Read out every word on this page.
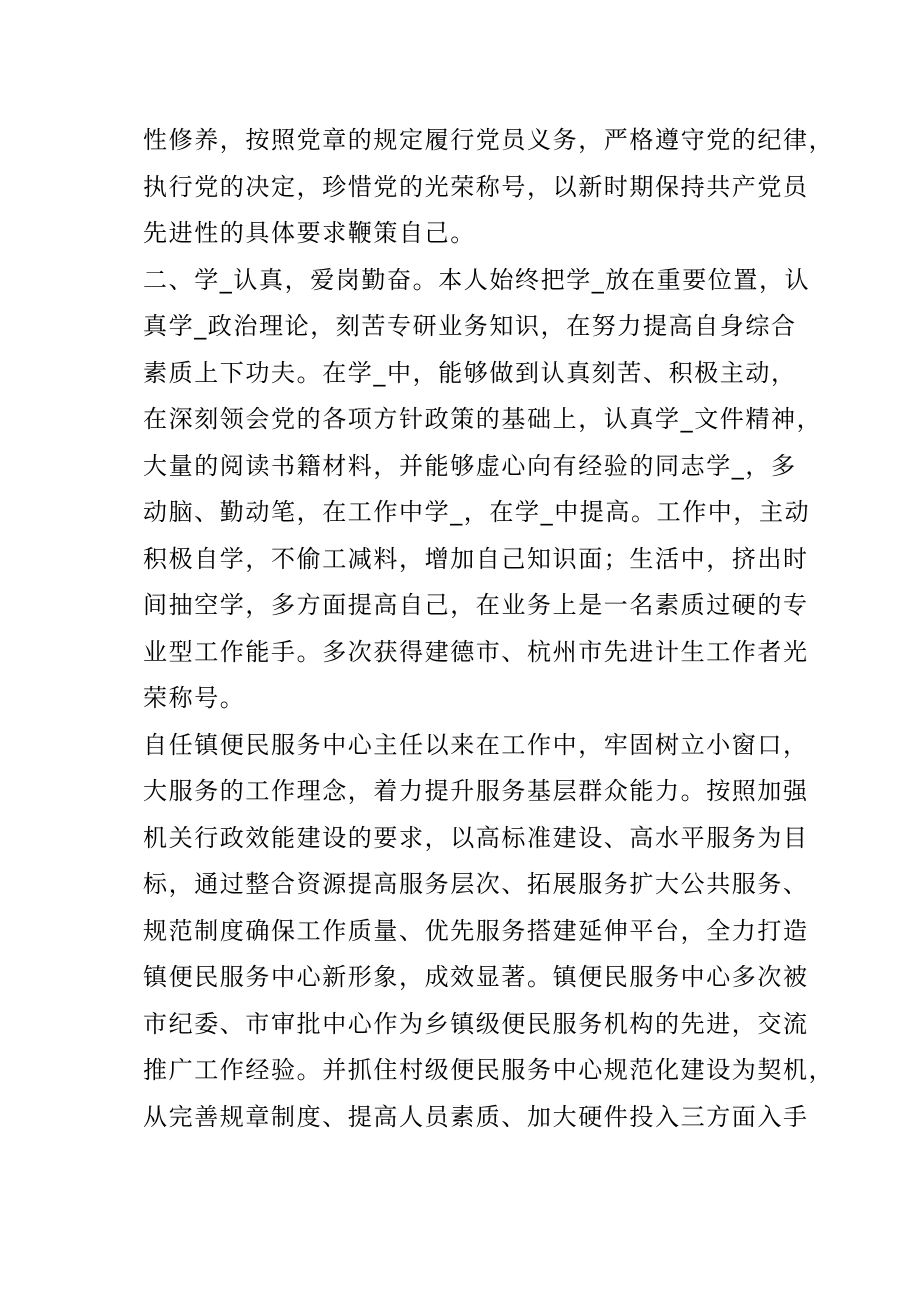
性修养，按照党章的规定履行党员义务，严格遵守党的纪律，
执行党的决定，珍惜党的光荣称号，以新时期保持共产党员
先进性的具体要求鞭策自己。
二、学_认真，爱岗勤奋。本人始终把学_放在重要位置，认
真学_政治理论，刻苦专研业务知识，在努力提高自身综合
素质上下功夫。在学_中，能够做到认真刻苦、积极主动，
在深刻领会党的各项方针政策的基础上，认真学_文件精神，
大量的阅读书籍材料，并能够虚心向有经验的同志学_，多
动脑、勤动笔，在工作中学_，在学_中提高。工作中，主动
积极自学，不偷工减料，增加自己知识面；生活中，挤出时
间抽空学，多方面提高自己，在业务上是一名素质过硬的专
业型工作能手。多次获得建德市、杭州市先进计生工作者光
荣称号。
自任镇便民服务中心主任以来在工作中，牢固树立小窗口，
大服务的工作理念，着力提升服务基层群众能力。按照加强
机关行政效能建设的要求，以高标准建设、高水平服务为目
标，通过整合资源提高服务层次、拓展服务扩大公共服务、
规范制度确保工作质量、优先服务搭建延伸平台，全力打造
镇便民服务中心新形象，成效显著。镇便民服务中心多次被
市纪委、市审批中心作为乡镇级便民服务机构的先进，交流
推广工作经验。并抓住村级便民服务中心规范化建设为契机，
从完善规章制度、提高人员素质、加大硬件投入三方面入手
